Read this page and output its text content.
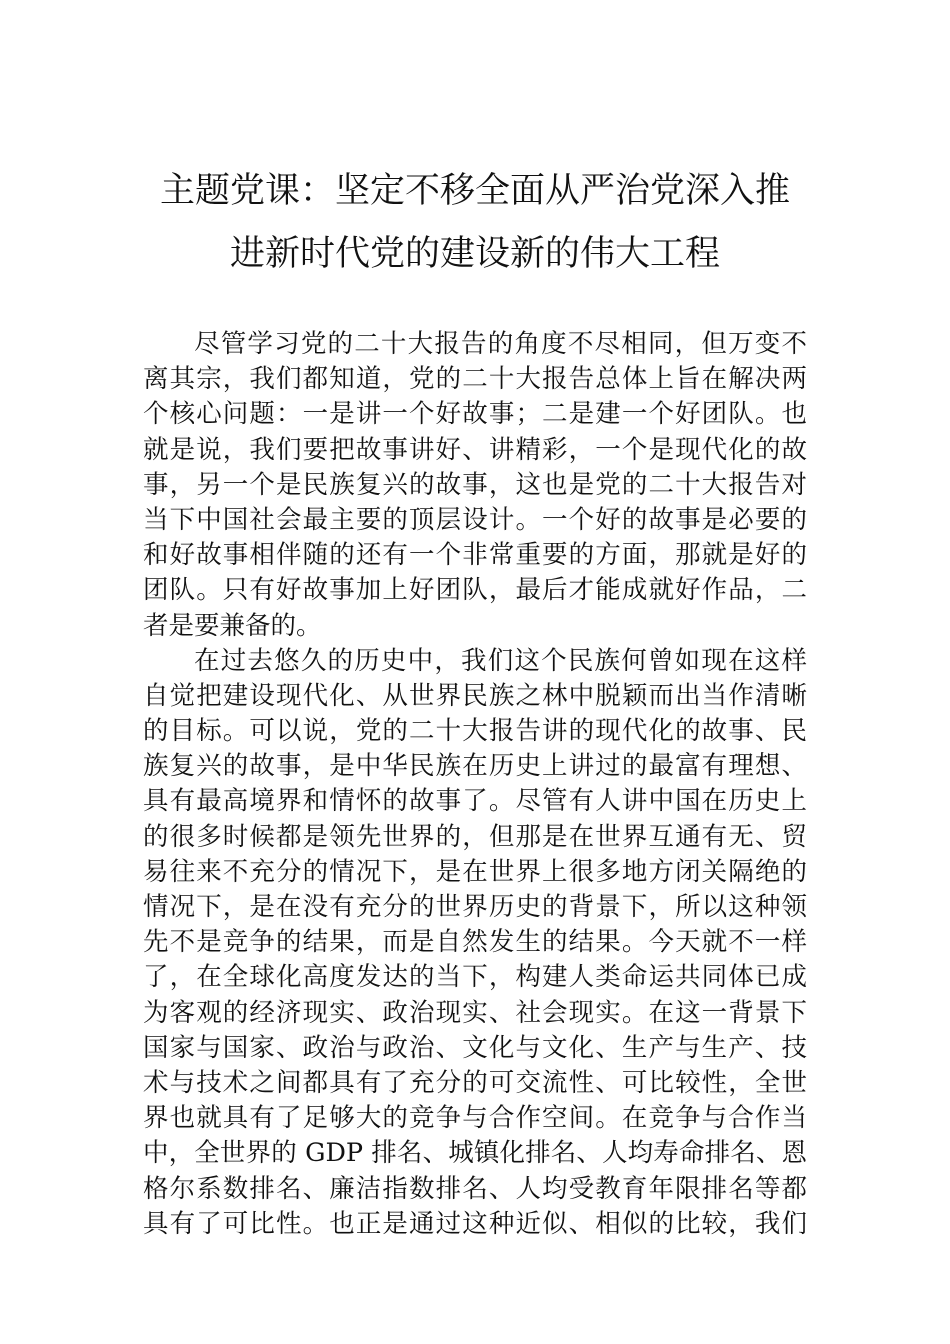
主题党课：坚定不移全面从严治党深入推
进新时代党的建设新的伟大工程
尽管学习党的二十大报告的角度不尽相同，但万变不
离其宗，我们都知道，党的二十大报告总体上旨在解决两
个核心问题：一是讲一个好故事；二是建一个好团队。也
就是说，我们要把故事讲好、讲精彩，一个是现代化的故
事，另一个是民族复兴的故事，这也是党的二十大报告对
当下中国社会最主要的顶层设计。一个好的故事是必要的
和好故事相伴随的还有一个非常重要的方面，那就是好的
团队。只有好故事加上好团队，最后才能成就好作品，二
者是要兼备的。
在过去悠久的历史中，我们这个民族何曾如现在这样
自觉把建设现代化、从世界民族之林中脱颖而出当作清晰
的目标。可以说，党的二十大报告讲的现代化的故事、民
族复兴的故事，是中华民族在历史上讲过的最富有理想、
具有最高境界和情怀的故事了。尽管有人讲中国在历史上
的很多时候都是领先世界的，但那是在世界互通有无、贸
易往来不充分的情况下，是在世界上很多地方闭关隔绝的
情况下，是在没有充分的世界历史的背景下，所以这种领
先不是竞争的结果，而是自然发生的结果。今天就不一样
了，在全球化高度发达的当下，构建人类命运共同体已成
为客观的经济现实、政治现实、社会现实。在这一背景下
国家与国家、政治与政治、文化与文化、生产与生产、技
术与技术之间都具有了充分的可交流性、可比较性，全世
界也就具有了足够大的竞争与合作空间。在竞争与合作当
中，全世界的 GDP 排名、城镇化排名、人均寿命排名、恩
格尔系数排名、廉洁指数排名、人均受教育年限排名等都
具有了可比性。也正是通过这种近似、相似的比较，我们
